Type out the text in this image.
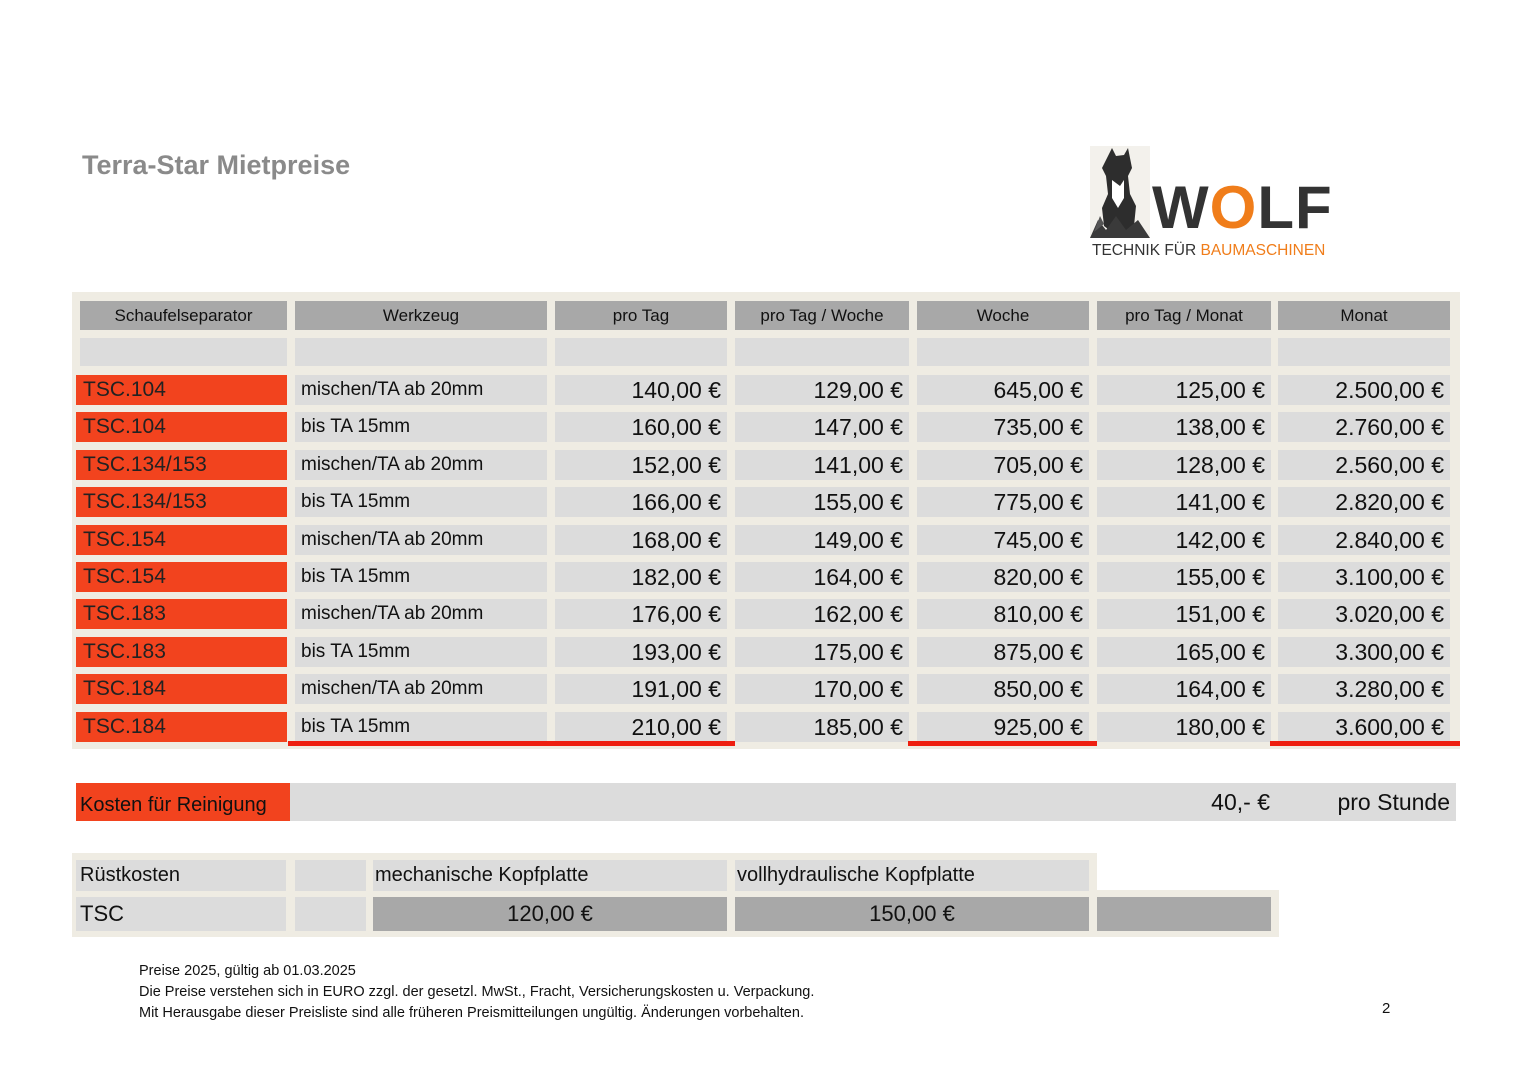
Terra-Star Mietpreise
WOLF
TECHNIK FÜR BAUMASCHINEN
Schaufelseparator	Werkzeug	pro Tag	pro Tag / Woche	Woche	pro Tag / Monat	Monat
TSC.104	mischen/TA ab 20mm	140,00 €	129,00 €	645,00 €	125,00 €	2.500,00 €
TSC.104	bis TA 15mm	160,00 €	147,00 €	735,00 €	138,00 €	2.760,00 €
TSC.134/153	mischen/TA ab 20mm	152,00 €	141,00 €	705,00 €	128,00 €	2.560,00 €
TSC.134/153	bis TA 15mm	166,00 €	155,00 €	775,00 €	141,00 €	2.820,00 €
TSC.154	mischen/TA ab 20mm	168,00 €	149,00 €	745,00 €	142,00 €	2.840,00 €
TSC.154	bis TA 15mm	182,00 €	164,00 €	820,00 €	155,00 €	3.100,00 €
TSC.183	mischen/TA ab 20mm	176,00 €	162,00 €	810,00 €	151,00 €	3.020,00 €
TSC.183	bis TA 15mm	193,00 €	175,00 €	875,00 €	165,00 €	3.300,00 €
TSC.184	mischen/TA ab 20mm	191,00 €	170,00 €	850,00 €	164,00 €	3.280,00 €
TSC.184	bis TA 15mm	210,00 €	185,00 €	925,00 €	180,00 €	3.600,00 €
Kosten für Reinigung	40,- €	pro Stunde
Rüstkosten	mechanische Kopfplatte	vollhydraulische Kopfplatte
TSC	120,00 €	150,00 €
Preise 2025, gültig ab 01.03.2025
Die Preise verstehen sich in EURO zzgl. der gesetzl. MwSt., Fracht, Versicherungskosten u. Verpackung.
Mit Herausgabe dieser Preisliste sind alle früheren Preismitteilungen ungültig. Änderungen vorbehalten.	2
